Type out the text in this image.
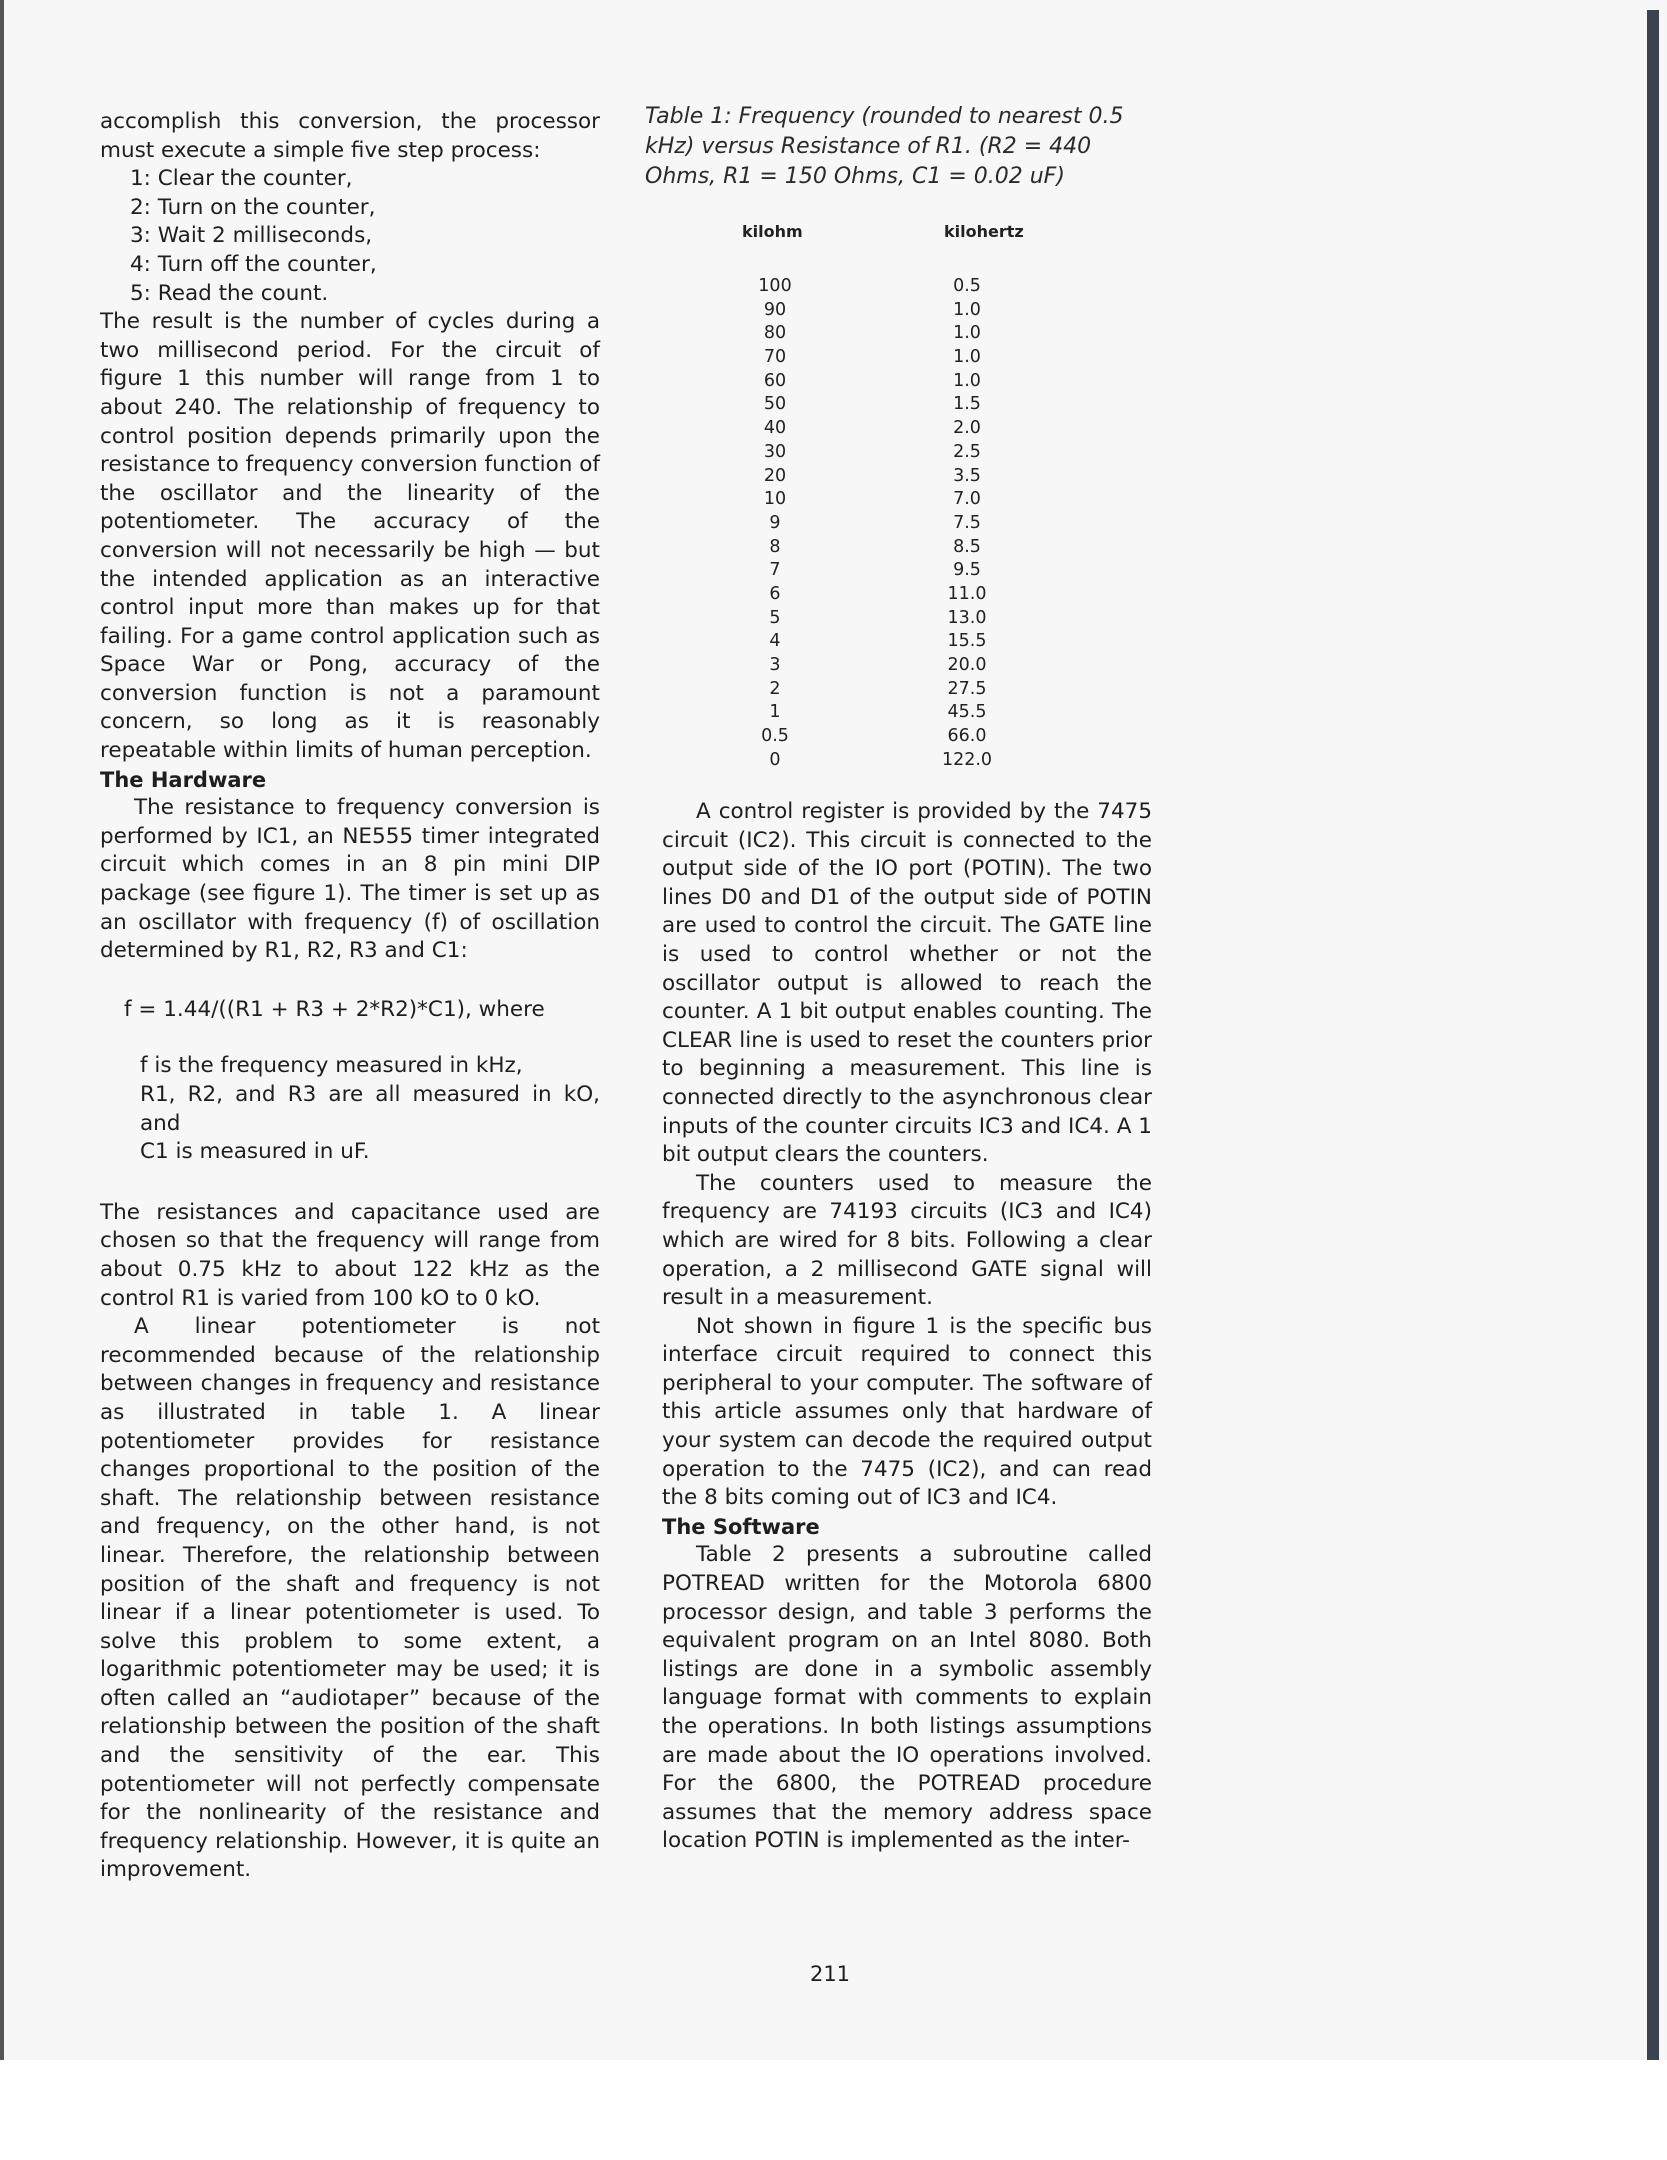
accomplish this conversion, the processor must execute a simple five step process:

1: Clear the counter,

2: Turn on the counter,

3: Wait 2 milliseconds,

4: Turn off the counter,

5: Read the count.

The result is the number of cycles during a two millisecond period. For the circuit of figure 1 this number will range from 1 to about 240. The relationship of frequency to control position depends primarily upon the resistance to frequency conversion function of the oscillator and the linearity of the potentiometer. The accuracy of the conversion will not necessarily be high — but the intended application as an interactive control input more than makes up for that failing. For a game control application such as Space War or Pong, accuracy of the conversion function is not a paramount concern, so long as it is reasonably repeatable within limits of human perception.

The Hardware

The resistance to frequency conversion is performed by IC1, an NE555 timer integrated circuit which comes in an 8 pin mini DIP package (see figure 1). The timer is set up as an oscillator with frequency (f) of oscillation determined by R1, R2, R3 and C1:

f = 1.44/((R1 + R3 + 2*R2)*C1), where

f is the frequency measured in kHz,

R1, R2, and R3 are all measured in kO, and

C1 is measured in uF.

The resistances and capacitance used are chosen so that the frequency will range from about 0.75 kHz to about 122 kHz as the control R1 is varied from 100 kO to 0 kO.

A linear potentiometer is not recommended because of the relationship between changes in frequency and resistance as illustrated in table 1. A linear potentiometer provides for resistance changes proportional to the position of the shaft. The relationship between resistance and frequency, on the other hand, is not linear. Therefore, the relationship between position of the shaft and frequency is not linear if a linear potentiometer is used. To solve this problem to some extent, a logarithmic potentiometer may be used; it is often called an “audiotaper” because of the relationship between the position of the shaft and the sensitivity of the ear. This potentiometer will not perfectly compensate for the nonlinearity of the resistance and frequency relationship. However, it is quite an improvement.

Table 1: Frequency (rounded to nearest 0.5 kHz) versus Resistance of R1. (R2 = 440 Ohms, R1 = 150 Ohms, C1 = 0.02 uF)
kilohm	kilohertz
100	0.5
90	1.0
80	1.0
70	1.0
60	1.0
50	1.5
40	2.0
30	2.5
20	3.5
10	7.0
9	7.5
8	8.5
7	9.5
6	11.0
5	13.0
4	15.5
3	20.0
2	27.5
1	45.5
0.5	66.0
0	122.0

A control register is provided by the 7475 circuit (IC2). This circuit is connected to the output side of the IO port (POTIN). The two lines D0 and D1 of the output side of POTIN are used to control the circuit. The GATE line is used to control whether or not the oscillator output is allowed to reach the counter. A 1 bit output enables counting. The CLEAR line is used to reset the counters prior to beginning a measurement. This line is connected directly to the asynchronous clear inputs of the counter circuits IC3 and IC4. A 1 bit output clears the counters.

The counters used to measure the frequency are 74193 circuits (IC3 and IC4) which are wired for 8 bits. Following a clear operation, a 2 millisecond GATE signal will result in a measurement.

Not shown in figure 1 is the specific bus interface circuit required to connect this peripheral to your computer. The software of this article assumes only that hardware of your system can decode the required output operation to the 7475 (IC2), and can read the 8 bits coming out of IC3 and IC4.

The Software

Table 2 presents a subroutine called POTREAD written for the Motorola 6800 processor design, and table 3 performs the equivalent program on an Intel 8080. Both listings are done in a symbolic assembly language format with comments to explain the operations. In both listings assumptions are made about the IO operations involved. For the 6800, the POTREAD procedure assumes that the memory address space location POTIN is implemented as the inter-

211
